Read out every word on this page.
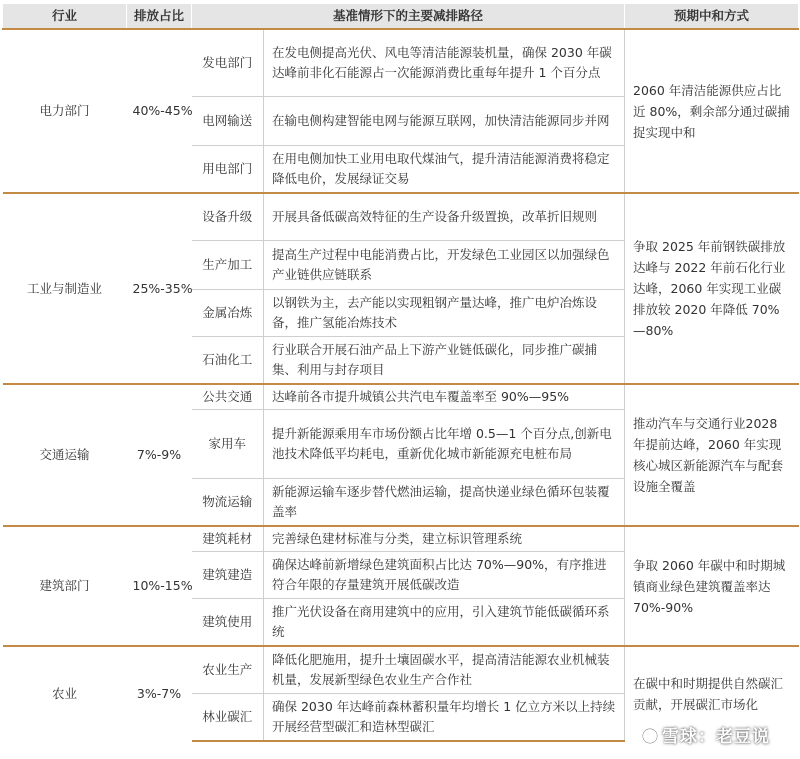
行业	排放占比	基准情形下的主要减排路径		预期中和方式
电力部门	40%-45%	发电部门	在发电侧提高光伏、风电等清洁能源装机量，确保 2030 年碳达峰前非化石能源占一次能源消费比重每年提升 1 个百分点	2060 年清洁能源供应占比近 80%，剩余部分通过碳捕捉实现中和
		电网输送	在输电侧构建智能电网与能源互联网，加快清洁能源同步并网	
		用电部门	在用电侧加快工业用电取代煤油气，提升清洁能源消费将稳定降低电价，发展绿证交易	
工业与制造业	25%-35%	设备升级	开展具备低碳高效特征的生产设备升级置换，改革折旧规则	争取 2025 年前钢铁碳排放达峰与 2022 年前石化行业达峰，2060 年实现工业碳排放较 2020 年降低 70%—80%
		生产加工	提高生产过程中电能消费占比，开发绿色工业园区以加强绿色产业链供应链联系	
		金属冶炼	以钢铁为主，去产能以实现粗钢产量达峰，推广电炉冶炼设备，推广氢能冶炼技术	
		石油化工	行业联合开展石油产品上下游产业链低碳化，同步推广碳捕集、利用与封存项目	
交通运输	7%-9%	公共交通	达峰前各市提升城镇公共汽电车覆盖率至 90%—95%	推动汽车与交通行业2028 年提前达峰，2060 年实现核心城区新能源汽车与配套设施全覆盖
		家用车	提升新能源乘用车市场份额占比年增 0.5—1 个百分点,创新电池技术降低平均耗电，重新优化城市新能源充电桩布局	
		物流运输	新能源运输车逐步替代燃油运输，提高快递业绿色循环包装覆盖率	
建筑部门	10%-15%	建筑耗材	完善绿色建材标准与分类，建立标识管理系统	争取 2060 年碳中和时期城镇商业绿色建筑覆盖率达 70%-90%
		建筑建造	确保达峰前新增绿色建筑面积占比达 70%—90%，有序推进符合年限的存量建筑开展低碳改造	
		建筑使用	推广光伏设备在商用建筑中的应用，引入建筑节能低碳循环系统	
农业	3%-7%	农业生产	降低化肥施用，提升土壤固碳水平，提高清洁能源农业机械装机量，发展新型绿色农业生产合作社	在碳中和时期提供自然碳汇贡献，开展碳汇市场化
		林业碳汇	确保 2030 年达峰前森林蓄积量年均增长 1 亿立方米以上持续开展经营型碳汇和造林型碳汇	
雪球：老豆说
